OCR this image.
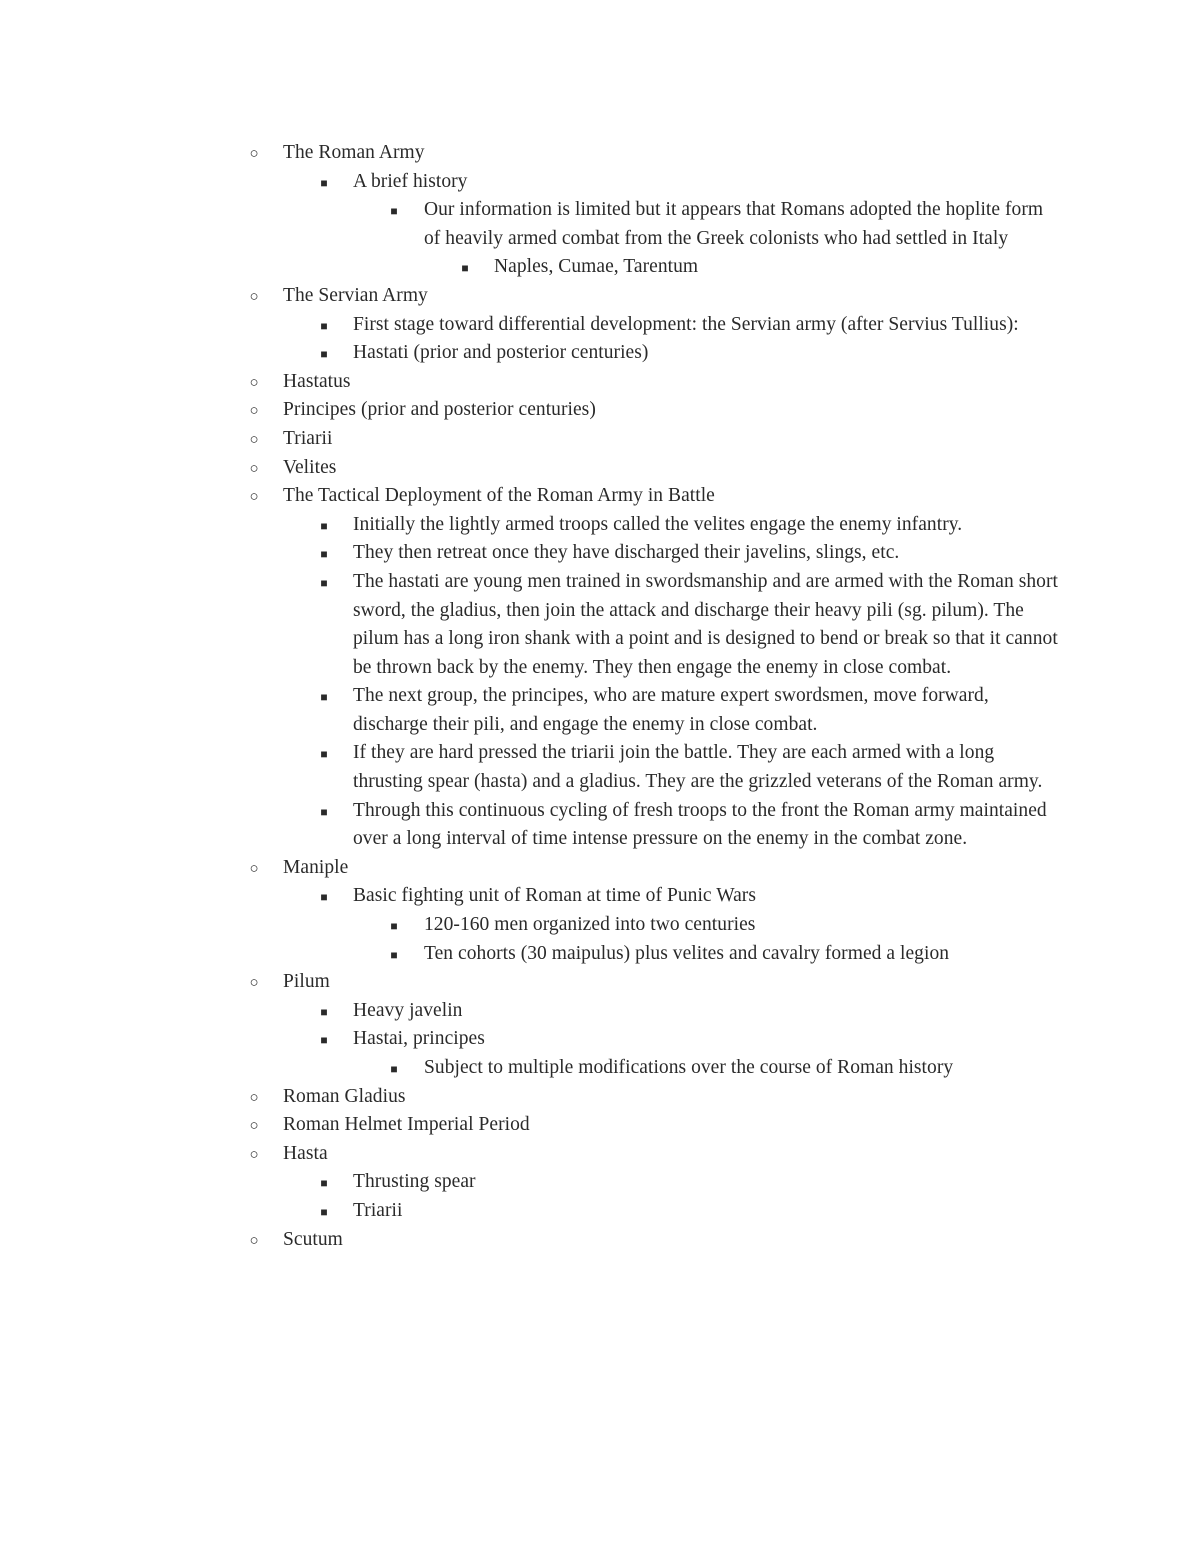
○ The Roman Army
■	A brief history
■	Our information is limited but it appears that Romans adopted the hoplite form of heavily armed combat from the Greek colonists who had settled in Italy
■	Naples, Cumae, Tarentum
○ The Servian Army
■	First stage toward differential development: the Servian army (after Servius Tullius):
■	Hastati (prior and posterior centuries)
○ Hastatus
○ Principes (prior and posterior centuries)
○ Triarii
○ Velites
○ The Tactical Deployment of the Roman Army in Battle
■	Initially the lightly armed troops called the velites engage the enemy infantry.
■	They then retreat once they have discharged their javelins, slings, etc.
■	The hastati are young men trained in swordsmanship and are armed with the Roman short sword, the gladius, then join the attack and discharge their heavy pili (sg. pilum). The pilum has a long iron shank with a point and is designed to bend or break so that it cannot be thrown back by the enemy. They then engage the enemy in close combat.
■	The next group, the principes, who are mature expert swordsmen, move forward, discharge their pili, and engage the enemy in close combat.
■	If they are hard pressed the triarii join the battle. They are each armed with a long thrusting spear (hasta) and a gladius. They are the grizzled veterans of the Roman army.
■	Through this continuous cycling of fresh troops to the front the Roman army maintained over a long interval of time intense pressure on the enemy in the combat zone.
○ Maniple
■	Basic fighting unit of Roman at time of Punic Wars
■	120-160 men organized into two centuries
■	Ten cohorts (30 maipulus) plus velites and cavalry formed a legion
○ Pilum
■	Heavy javelin
■	Hastai, principes
■	Subject to multiple modifications over the course of Roman history
○ Roman Gladius
○ Roman Helmet Imperial Period
○ Hasta
■	Thrusting spear
■	Triarii
○ Scutum
